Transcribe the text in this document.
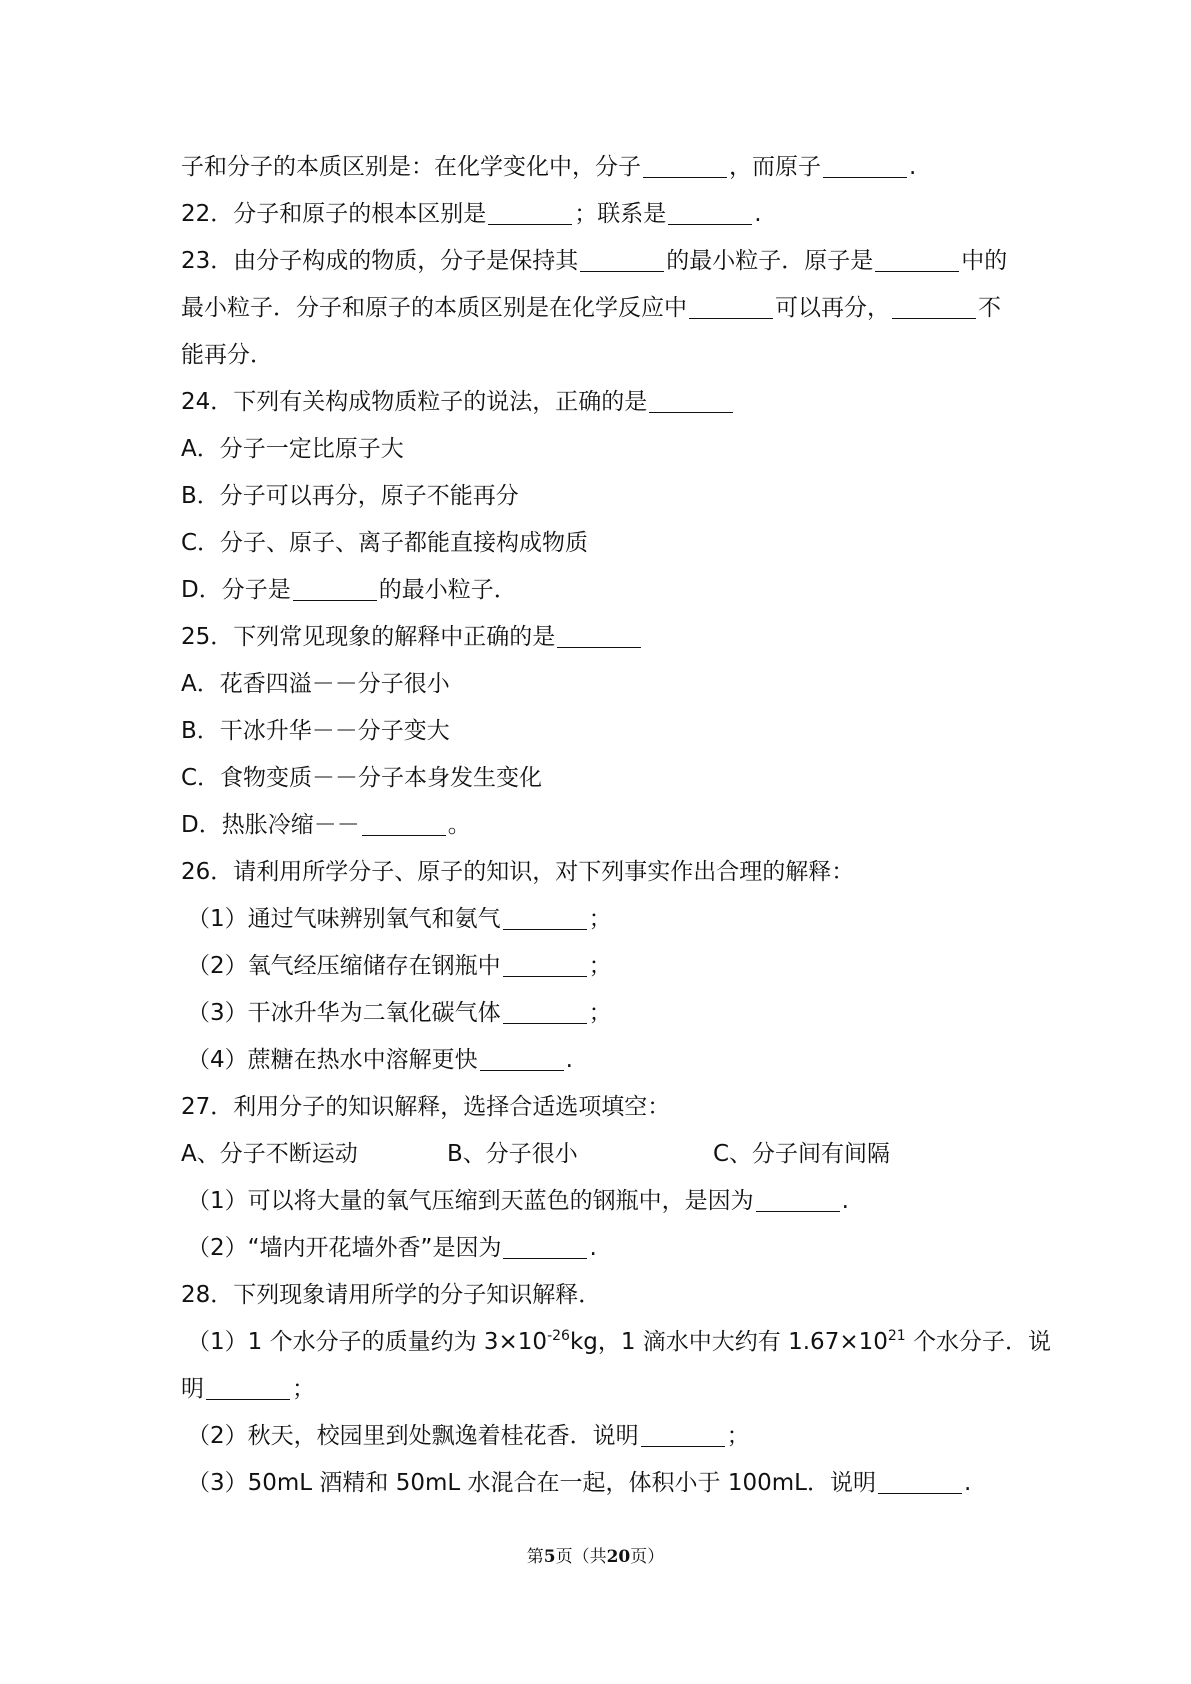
子和分子的本质区别是：在化学变化中，分子	，而原子	.
22．分子和原子的根本区别是	；联系是	.
23．由分子构成的物质，分子是保持其	的最小粒子．原子是	中的
最小粒子．分子和原子的本质区别是在化学反应中	可以再分，	不
能再分．
24．下列有关构成物质粒子的说法，正确的是
A．分子一定比原子大
B．分子可以再分，原子不能再分
C．分子、原子、离子都能直接构成物质
D．分子是	的最小粒子．
25．下列常见现象的解释中正确的是
A．花香四溢－－分子很小
B．干冰升华－－分子变大
C．食物变质－－分子本身发生变化
D．热胀冷缩－－	。
26．请利用所学分子、原子的知识，对下列事实作出合理的解释：
（1）通过气味辨别氧气和氨气	；
（2）氧气经压缩储存在钢瓶中	；
（3）干冰升华为二氧化碳气体	；
（4）蔗糖在热水中溶解更快	.
27．利用分子的知识解释，选择合适选项填空：
A、分子不断运动	B、分子很小	C、分子间有间隔
（1）可以将大量的氧气压缩到天蓝色的钢瓶中，是因为	.
（2）“墙内开花墙外香”是因为	.
28．下列现象请用所学的分子知识解释．
（1）1 个水分子的质量约为 $3\times 10^{-26}kg$，1 滴水中大约有 $1.67\times 10^{21}$ 个水分子．说
明	；
（2）秋天，校园里到处飘逸着桂花香．说明	；
（3）50mL 酒精和 50mL 水混合在一起，体积小于 100mL．说明	.
第5页（共20页）
